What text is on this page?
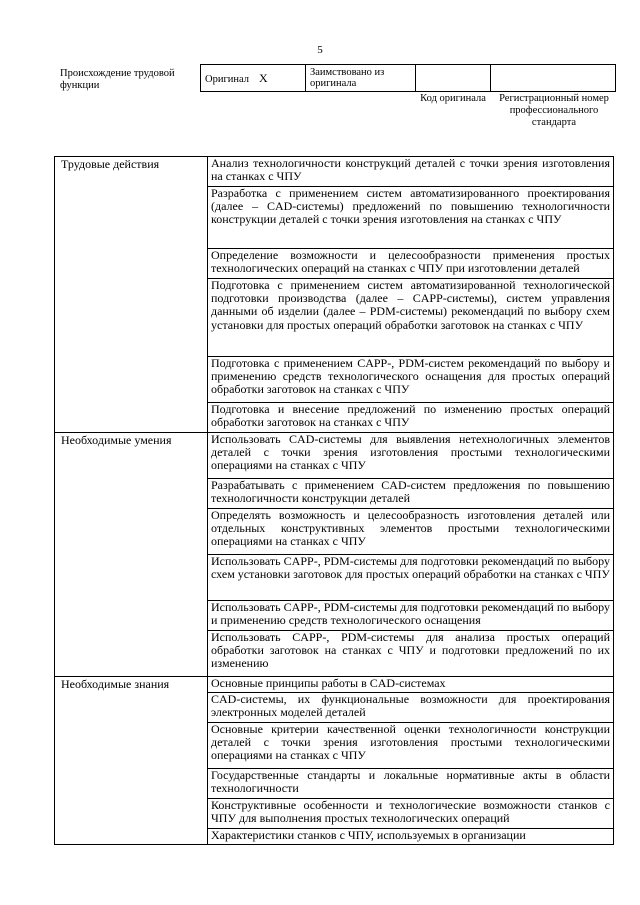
5
Происхождение трудовой функции
Оригинал X	Заимствовано из оригинала		
Код оригинала	Регистрационный номер профессионального стандарта
Трудовые действия	Анализ технологичности конструкций деталей с точки зрения изготовления на станках с ЧПУ
	Разработка с применением систем автоматизированного проектирования (далее – CAD-системы) предложений по повышению технологичности конструкции деталей с точки зрения изготовления на станках с ЧПУ
	Определение возможности и целесообразности применения простых технологических операций на станках с ЧПУ при изготовлении деталей
	Подготовка с применением систем автоматизированной технологической подготовки производства (далее – CAPP-системы), систем управления данными об изделии (далее – PDM-системы) рекомендаций по выбору схем установки для простых операций обработки заготовок на станках с ЧПУ
	Подготовка с применением CAPP-, PDM-систем рекомендаций по выбору и применению средств технологического оснащения для простых операций обработки заготовок на станках с ЧПУ
	Подготовка и внесение предложений по изменению простых операций обработки заготовок на станках с ЧПУ
Необходимые умения	Использовать CAD-системы для выявления нетехнологичных элементов деталей с точки зрения изготовления простыми технологическими операциями на станках с ЧПУ
	Разрабатывать с применением CAD-систем предложения по повышению технологичности конструкции деталей
	Определять возможность и целесообразность изготовления деталей или отдельных конструктивных элементов простыми технологическими операциями на станках с ЧПУ
	Использовать CAPP-, PDM-системы для подготовки рекомендаций по выбору схем установки заготовок для простых операций обработки на станках с ЧПУ
	Использовать CAPP-, PDM-системы для подготовки рекомендаций по выбору и применению средств технологического оснащения
	Использовать CAPP-, PDM-системы для анализа простых операций обработки заготовок на станках с ЧПУ и подготовки предложений по их изменению
Необходимые знания	Основные принципы работы в CAD-системах
	CAD-системы, их функциональные возможности для проектирования электронных моделей деталей
	Основные критерии качественной оценки технологичности конструкции деталей с точки зрения изготовления простыми технологическими операциями на станках с ЧПУ
	Государственные стандарты и локальные нормативные акты в области технологичности
	Конструктивные особенности и технологические возможности станков с ЧПУ для выполнения простых технологических операций
	Характеристики станков с ЧПУ, используемых в организации
